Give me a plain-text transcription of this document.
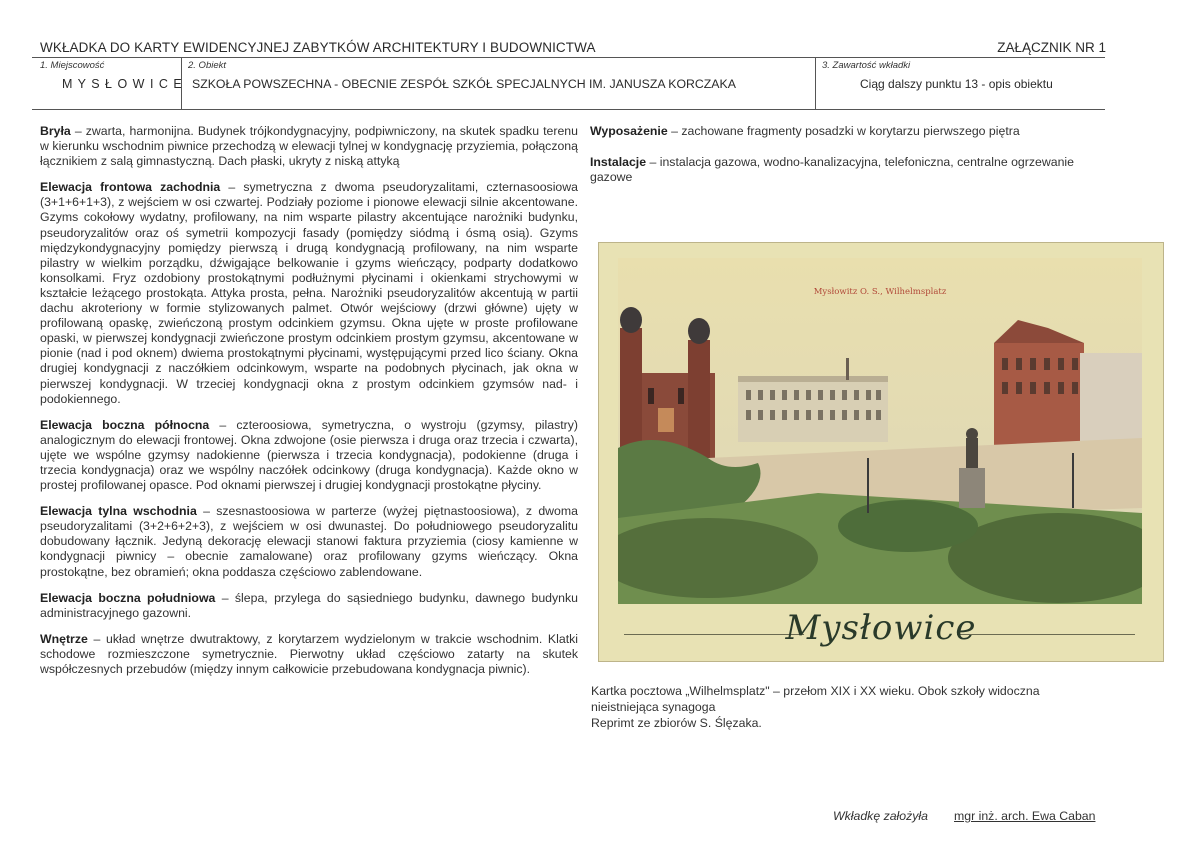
WKŁADKA DO KARTY EWIDENCYJNEJ ZABYTKÓW ARCHITEKTURY I BUDOWNICTWA	ZAŁĄCZNIK NR 1
1. Miejscowość
M Y S Ł O W I C E
2. Obiekt
SZKOŁA POWSZECHNA - OBECNIE ZESPÓŁ SZKÓŁ SPECJALNYCH IM. JANUSZA KORCZAKA
3. Zawartość wkładki
Ciąg dalszy punktu 13 - opis obiektu

Bryła – zwarta, harmonijna. Budynek trójkondygnacyjny, podpiwniczony, na skutek spadku terenu w kierunku wschodnim piwnice przechodzą w elewacji tylnej w kondygnację przyziemia, połączoną łącznikiem z salą gimnastyczną. Dach płaski, ukryty z niską attyką

Elewacja frontowa zachodnia – symetryczna z dwoma pseudoryzalitami, czternasoosiowa (3+1+6+1+3), z wejściem w osi czwartej. Podziały poziome i pionowe elewacji silnie akcentowane. Gzyms cokołowy wydatny, profilowany, na nim wsparte pilastry akcentujące narożniki budynku, pseudoryzalitów oraz oś symetrii kompozycji fasady (pomiędzy siódmą i ósmą osią). Gzyms międzykondygnacyjny pomiędzy pierwszą i drugą kondygnacją profilowany, na nim wsparte pilastry w wielkim porządku, dźwigające belkowanie i gzyms wieńczący, podparty dodatkowo konsolkami. Fryz ozdobiony prostokątnymi podłużnymi płycinami i okienkami strychowymi w kształcie leżącego prostokąta. Attyka prosta, pełna. Narożniki pseudoryzalitów akcentują w partii dachu akroteriony w formie stylizowanych palmet. Otwór wejściowy (drzwi główne) ujęty w profilowaną opaskę, zwieńczoną prostym odcinkiem gzymsu. Okna ujęte w proste profilowane opaski, w pierwszej kondygnacji zwieńczone prostym odcinkiem prostym gzymsu, akcentowane w pionie (nad i pod oknem) dwiema prostokątnymi płycinami, występującymi przed lico ściany. Okna drugiej kondygnacji z naczółkiem odcinkowym, wsparte na podobnych płycinach, jak okna w pierwszej kondygnacji. W trzeciej kondygnacji okna z prostym odcinkiem gzymsów nad- i podokiennego.

Elewacja boczna północna – czteroosiowa, symetryczna, o wystroju (gzymsy, pilastry) analogicznym do elewacji frontowej. Okna zdwojone (osie pierwsza i druga oraz trzecia i czwarta), ujęte we wspólne gzymsy nadokienne (pierwsza i trzecia kondygnacja), podokienne (druga i trzecia kondygnacja) oraz we wspólny naczółek odcinkowy (druga kondygnacja). Każde okno w prostej profilowanej opasce. Pod oknami pierwszej i drugiej kondygnacji prostokątne płyciny.

Elewacja tylna wschodnia – szesnastoosiowa w parterze (wyżej piętnastoosiowa), z dwoma pseudoryzalitami (3+2+6+2+3), z wejściem w osi dwunastej. Do południowego pseudoryzalitu dobudowany łącznik. Jedyną dekorację elewacji stanowi faktura przyziemia (ciosy kamienne w kondygnacji piwnicy – obecnie zamalowane) oraz profilowany gzyms wieńczący. Okna prostokątne, bez obramień; okna poddasza częściowo zablendowane.

Elewacja boczna południowa – ślepa, przylega do sąsiedniego budynku, dawnego budynku administracyjnego gazowni.

Wnętrze – układ wnętrze dwutraktowy, z korytarzem wydzielonym w trakcie wschodnim. Klatki schodowe rozmieszczone symetrycznie. Pierwotny układ częściowo zatarty na skutek współczesnych przebudów (między innym całkowicie przebudowana kondygnacja piwnic).

Wyposażenie – zachowane fragmenty posadzki w korytarzu pierwszego piętra

Instalacje – instalacja gazowa, wodno-kanalizacyjna, telefoniczna, centralne ogrzewanie gazowe

Mysłowitz O. S., Wilhelmsplatz
Mysłowice
Kartka pocztowa „Wilhelmsplatz" – przełom XIX i XX wieku. Obok szkoły widoczna nieistniejąca synagoga
Reprimt ze zbiorów S. Ślęzaka.
Wkładkę założyła mgr inż. arch. Ewa Caban
